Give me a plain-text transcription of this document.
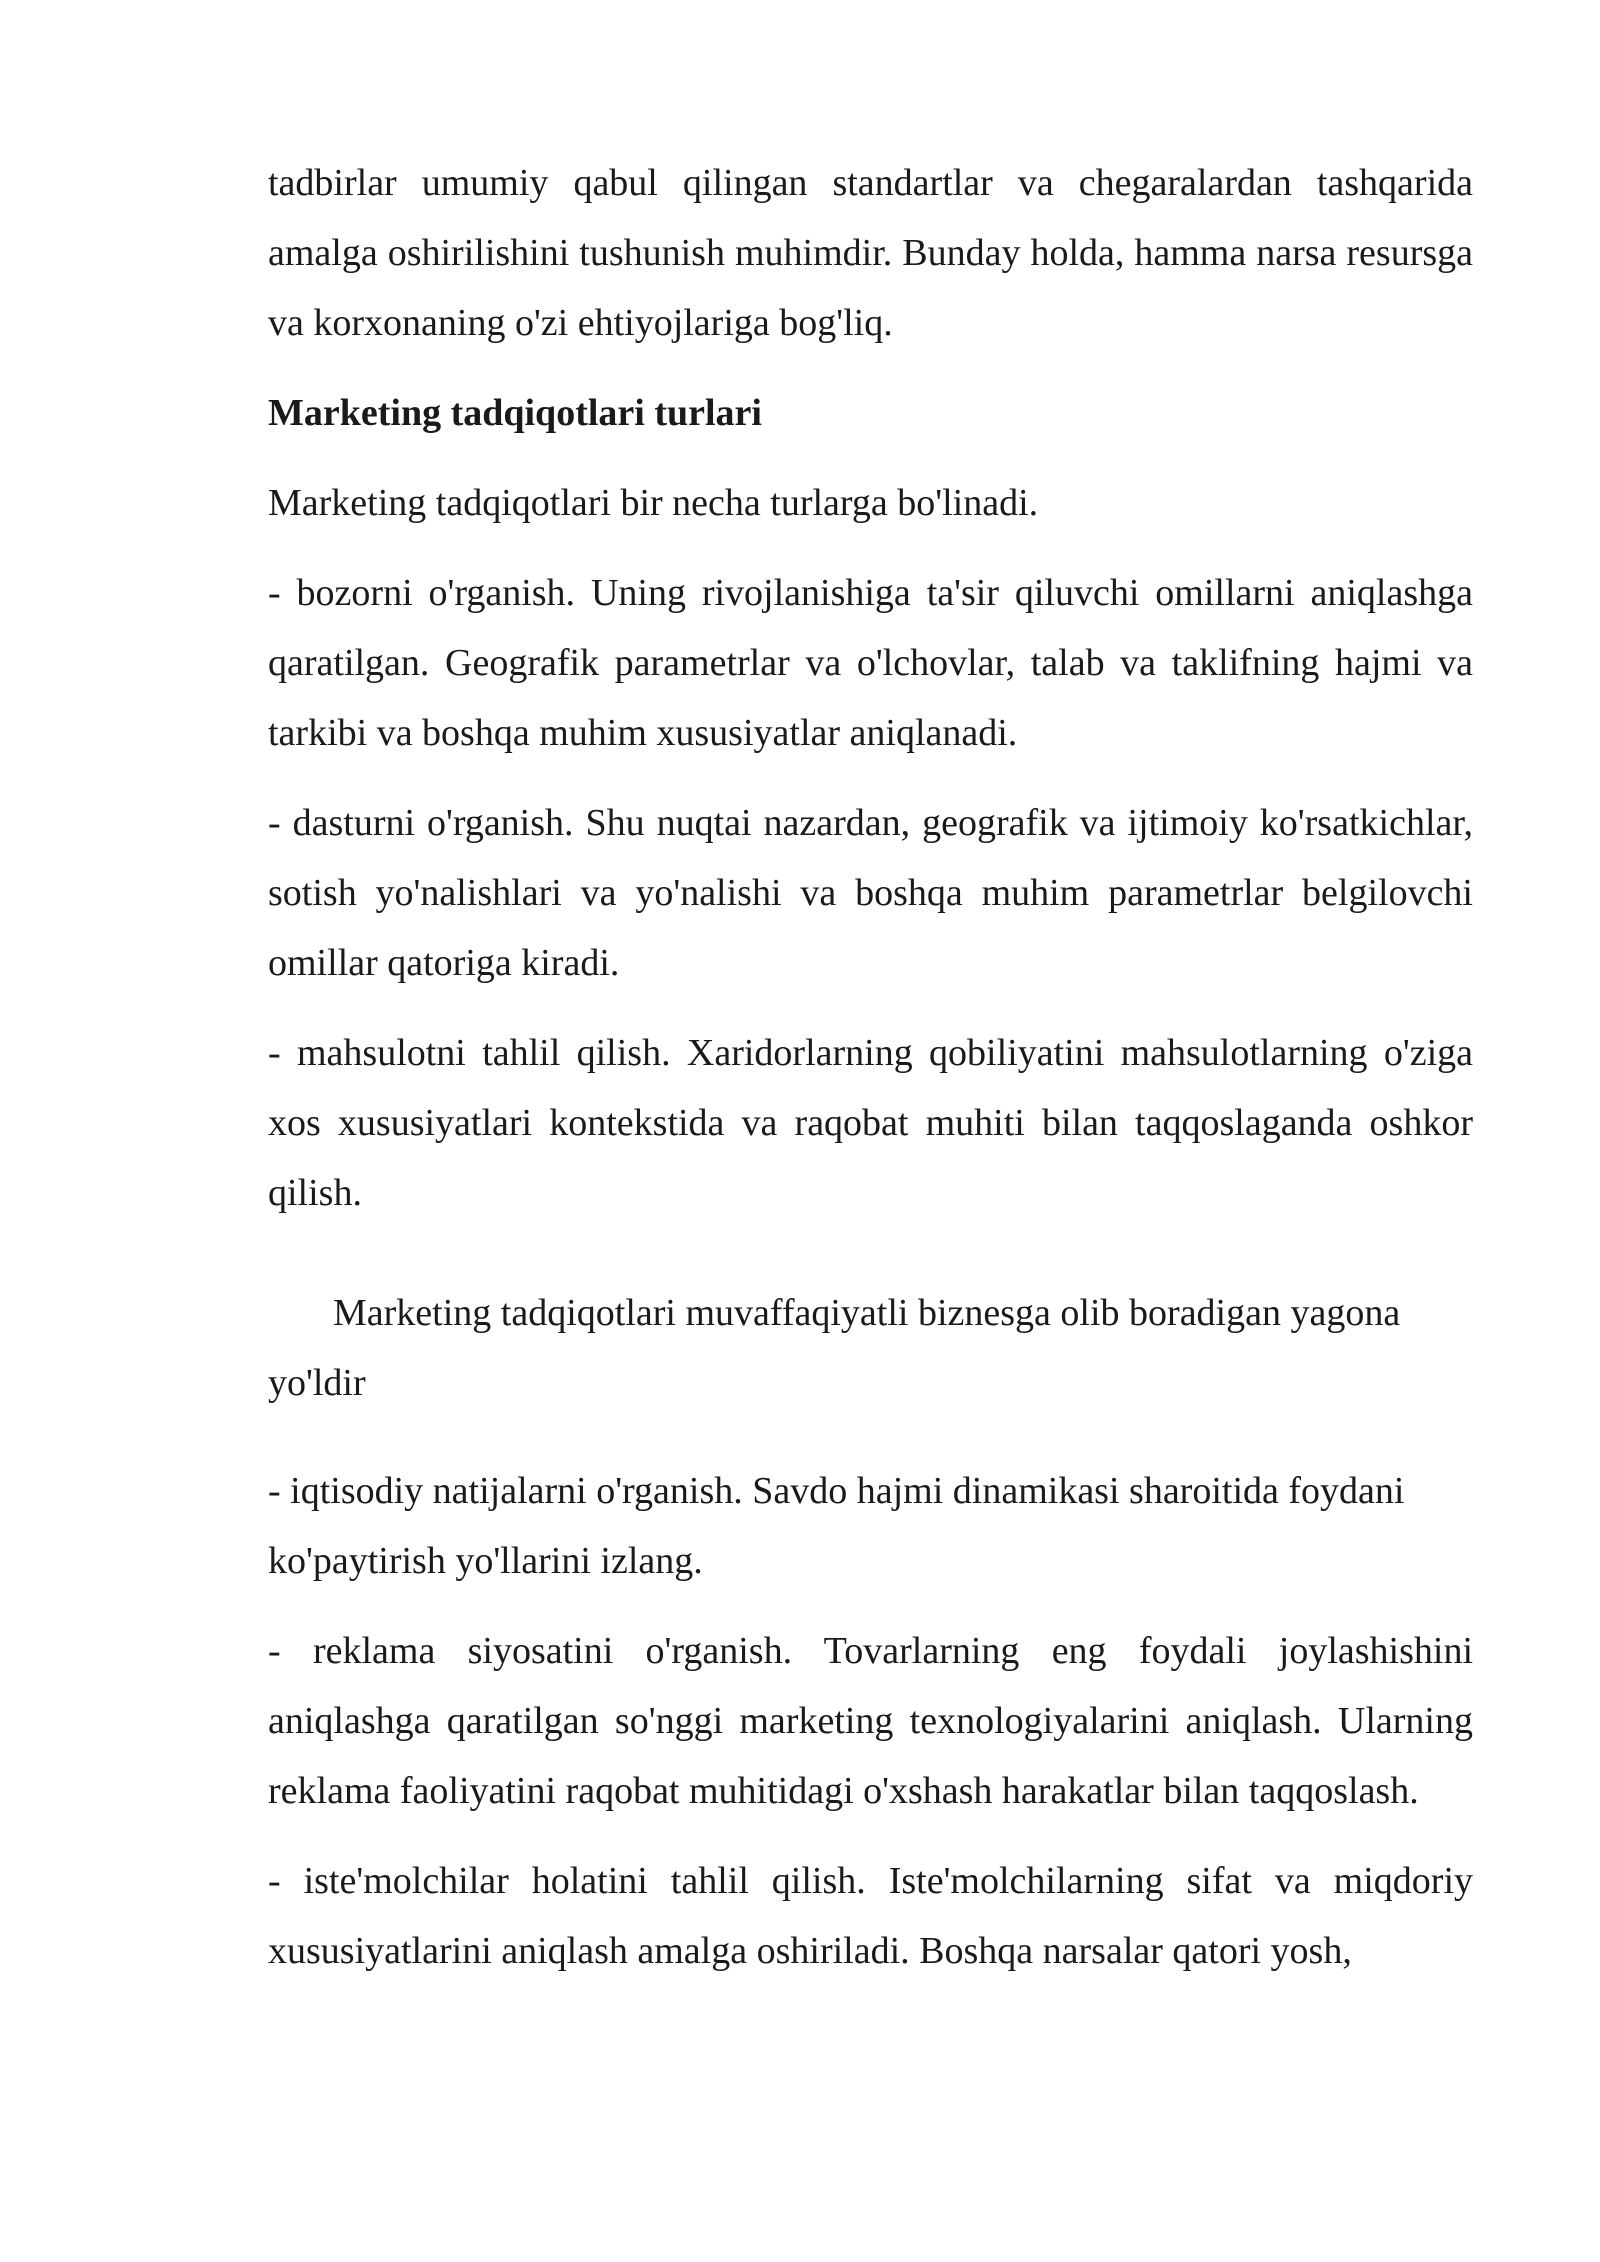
tadbirlar umumiy qabul qilingan standartlar va chegaralardan tashqarida amalga oshirilishini tushunish muhimdir. Bunday holda, hamma narsa resursga va korxonaning o'zi ehtiyojlariga bog'liq.

Marketing tadqiqotlari turlari

Marketing tadqiqotlari bir necha turlarga bo'linadi.

- bozorni o'rganish. Uning rivojlanishiga ta'sir qiluvchi omillarni aniqlashga qaratilgan. Geografik parametrlar va o'lchovlar, talab va taklifning hajmi va tarkibi va boshqa muhim xususiyatlar aniqlanadi.

- dasturni o'rganish. Shu nuqtai nazardan, geografik va ijtimoiy ko'rsatkichlar, sotish yo'nalishlari va yo'nalishi va boshqa muhim parametrlar belgilovchi omillar qatoriga kiradi.

- mahsulotni tahlil qilish. Xaridorlarning qobiliyatini mahsulotlarning o'ziga xos xususiyatlari kontekstida va raqobat muhiti bilan taqqoslaganda oshkor qilish.

Marketing tadqiqotlari muvaffaqiyatli biznesga olib boradigan yagona yo'ldir

- iqtisodiy natijalarni o'rganish. Savdo hajmi dinamikasi sharoitida foydani ko'paytirish yo'llarini izlang.

- reklama siyosatini o'rganish. Tovarlarning eng foydali joylashishini aniqlashga qaratilgan so'nggi marketing texnologiyalarini aniqlash. Ularning reklama faoliyatini raqobat muhitidagi o'xshash harakatlar bilan taqqoslash.

- iste'molchilar holatini tahlil qilish. Iste'molchilarning sifat va miqdoriy xususiyatlarini aniqlash amalga oshiriladi. Boshqa narsalar qatori yosh,
